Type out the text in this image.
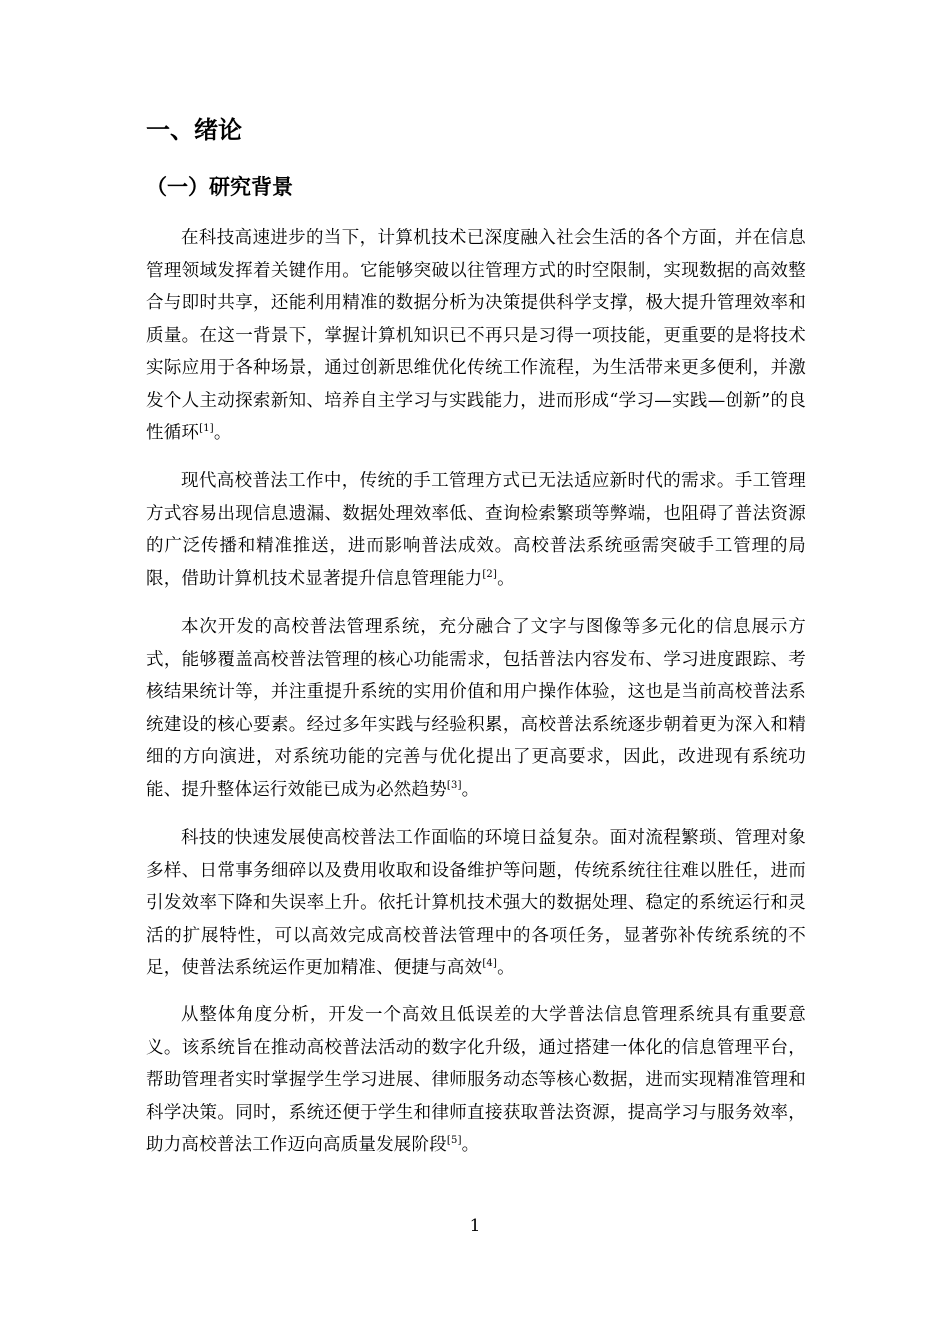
一、绪论
（一）研究背景

在科技高速进步的当下，计算机技术已深度融入社会生活的各个方面，并在信息管理领域发挥着关键作用。它能够突破以往管理方式的时空限制，实现数据的高效整合与即时共享，还能利用精准的数据分析为决策提供科学支撑，极大提升管理效率和质量。在这一背景下，掌握计算机知识已不再只是习得一项技能，更重要的是将技术实际应用于各种场景，通过创新思维优化传统工作流程，为生活带来更多便利，并激发个人主动探索新知、培养自主学习与实践能力，进而形成“学习—实践—创新”的良性循环[1]。

现代高校普法工作中，传统的手工管理方式已无法适应新时代的需求。手工管理方式容易出现信息遗漏、数据处理效率低、查询检索繁琐等弊端，也阻碍了普法资源的广泛传播和精准推送，进而影响普法成效。高校普法系统亟需突破手工管理的局限，借助计算机技术显著提升信息管理能力[2]。

本次开发的高校普法管理系统，充分融合了文字与图像等多元化的信息展示方式，能够覆盖高校普法管理的核心功能需求，包括普法内容发布、学习进度跟踪、考核结果统计等，并注重提升系统的实用价值和用户操作体验，这也是当前高校普法系统建设的核心要素。经过多年实践与经验积累，高校普法系统逐步朝着更为深入和精细的方向演进，对系统功能的完善与优化提出了更高要求，因此，改进现有系统功能、提升整体运行效能已成为必然趋势[3]。

科技的快速发展使高校普法工作面临的环境日益复杂。面对流程繁琐、管理对象多样、日常事务细碎以及费用收取和设备维护等问题，传统系统往往难以胜任，进而引发效率下降和失误率上升。依托计算机技术强大的数据处理、稳定的系统运行和灵活的扩展特性，可以高效完成高校普法管理中的各项任务，显著弥补传统系统的不足，使普法系统运作更加精准、便捷与高效[4]。

从整体角度分析，开发一个高效且低误差的大学普法信息管理系统具有重要意义。该系统旨在推动高校普法活动的数字化升级，通过搭建一体化的信息管理平台，帮助管理者实时掌握学生学习进展、律师服务动态等核心数据，进而实现精准管理和科学决策。同时，系统还便于学生和律师直接获取普法资源，提高学习与服务效率，助力高校普法工作迈向高质量发展阶段[5]。

1
